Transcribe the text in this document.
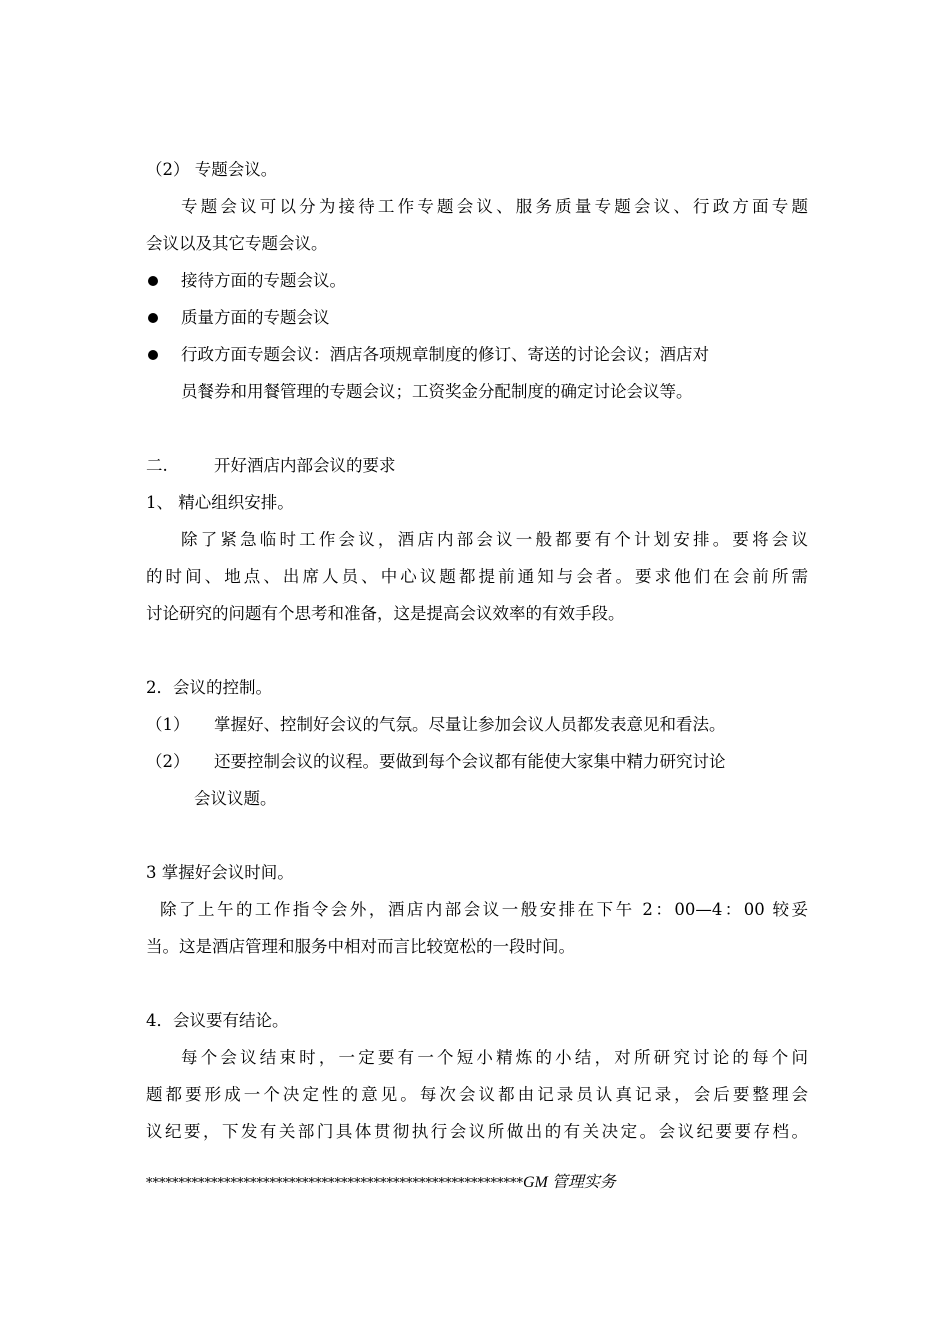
（2） 专题会议。
专题会议可以分为接待工作专题会议、服务质量专题会议、行政方面专题
会议以及其它专题会议。
接待方面的专题会议。
质量方面的专题会议
行政方面专题会议：酒店各项规章制度的修订、寄送的讨论会议；酒店对
员餐券和用餐管理的专题会议；工资奖金分配制度的确定讨论会议等。
二.	开好酒店内部会议的要求
1、 精心组织安排。
除了紧急临时工作会议，酒店内部会议一般都要有个计划安排。要将会议
的时间、地点、出席人员、中心议题都提前通知与会者。要求他们在会前所需
讨论研究的问题有个思考和准备，这是提高会议效率的有效手段。
2．会议的控制。
（1） 掌握好、控制好会议的气氛。尽量让参加会议人员都发表意见和看法。
（2） 还要控制会议的议程。要做到每个会议都有能使大家集中精力研究讨论
会议议题。
3 掌握好会议时间。
除了上午的工作指令会外，酒店内部会议一般安排在下午 2：00—4：00 较妥
当。这是酒店管理和服务中相对而言比较宽松的一段时间。
4．会议要有结论。
每个会议结束时，一定要有一个短小精炼的小结，对所研究讨论的每个问
题都要形成一个决定性的意见。每次会议都由记录员认真记录，会后要整理会
议纪要，下发有关部门具体贯彻执行会议所做出的有关决定。会议纪要要存档。
**********************************************************GM 管理实务
